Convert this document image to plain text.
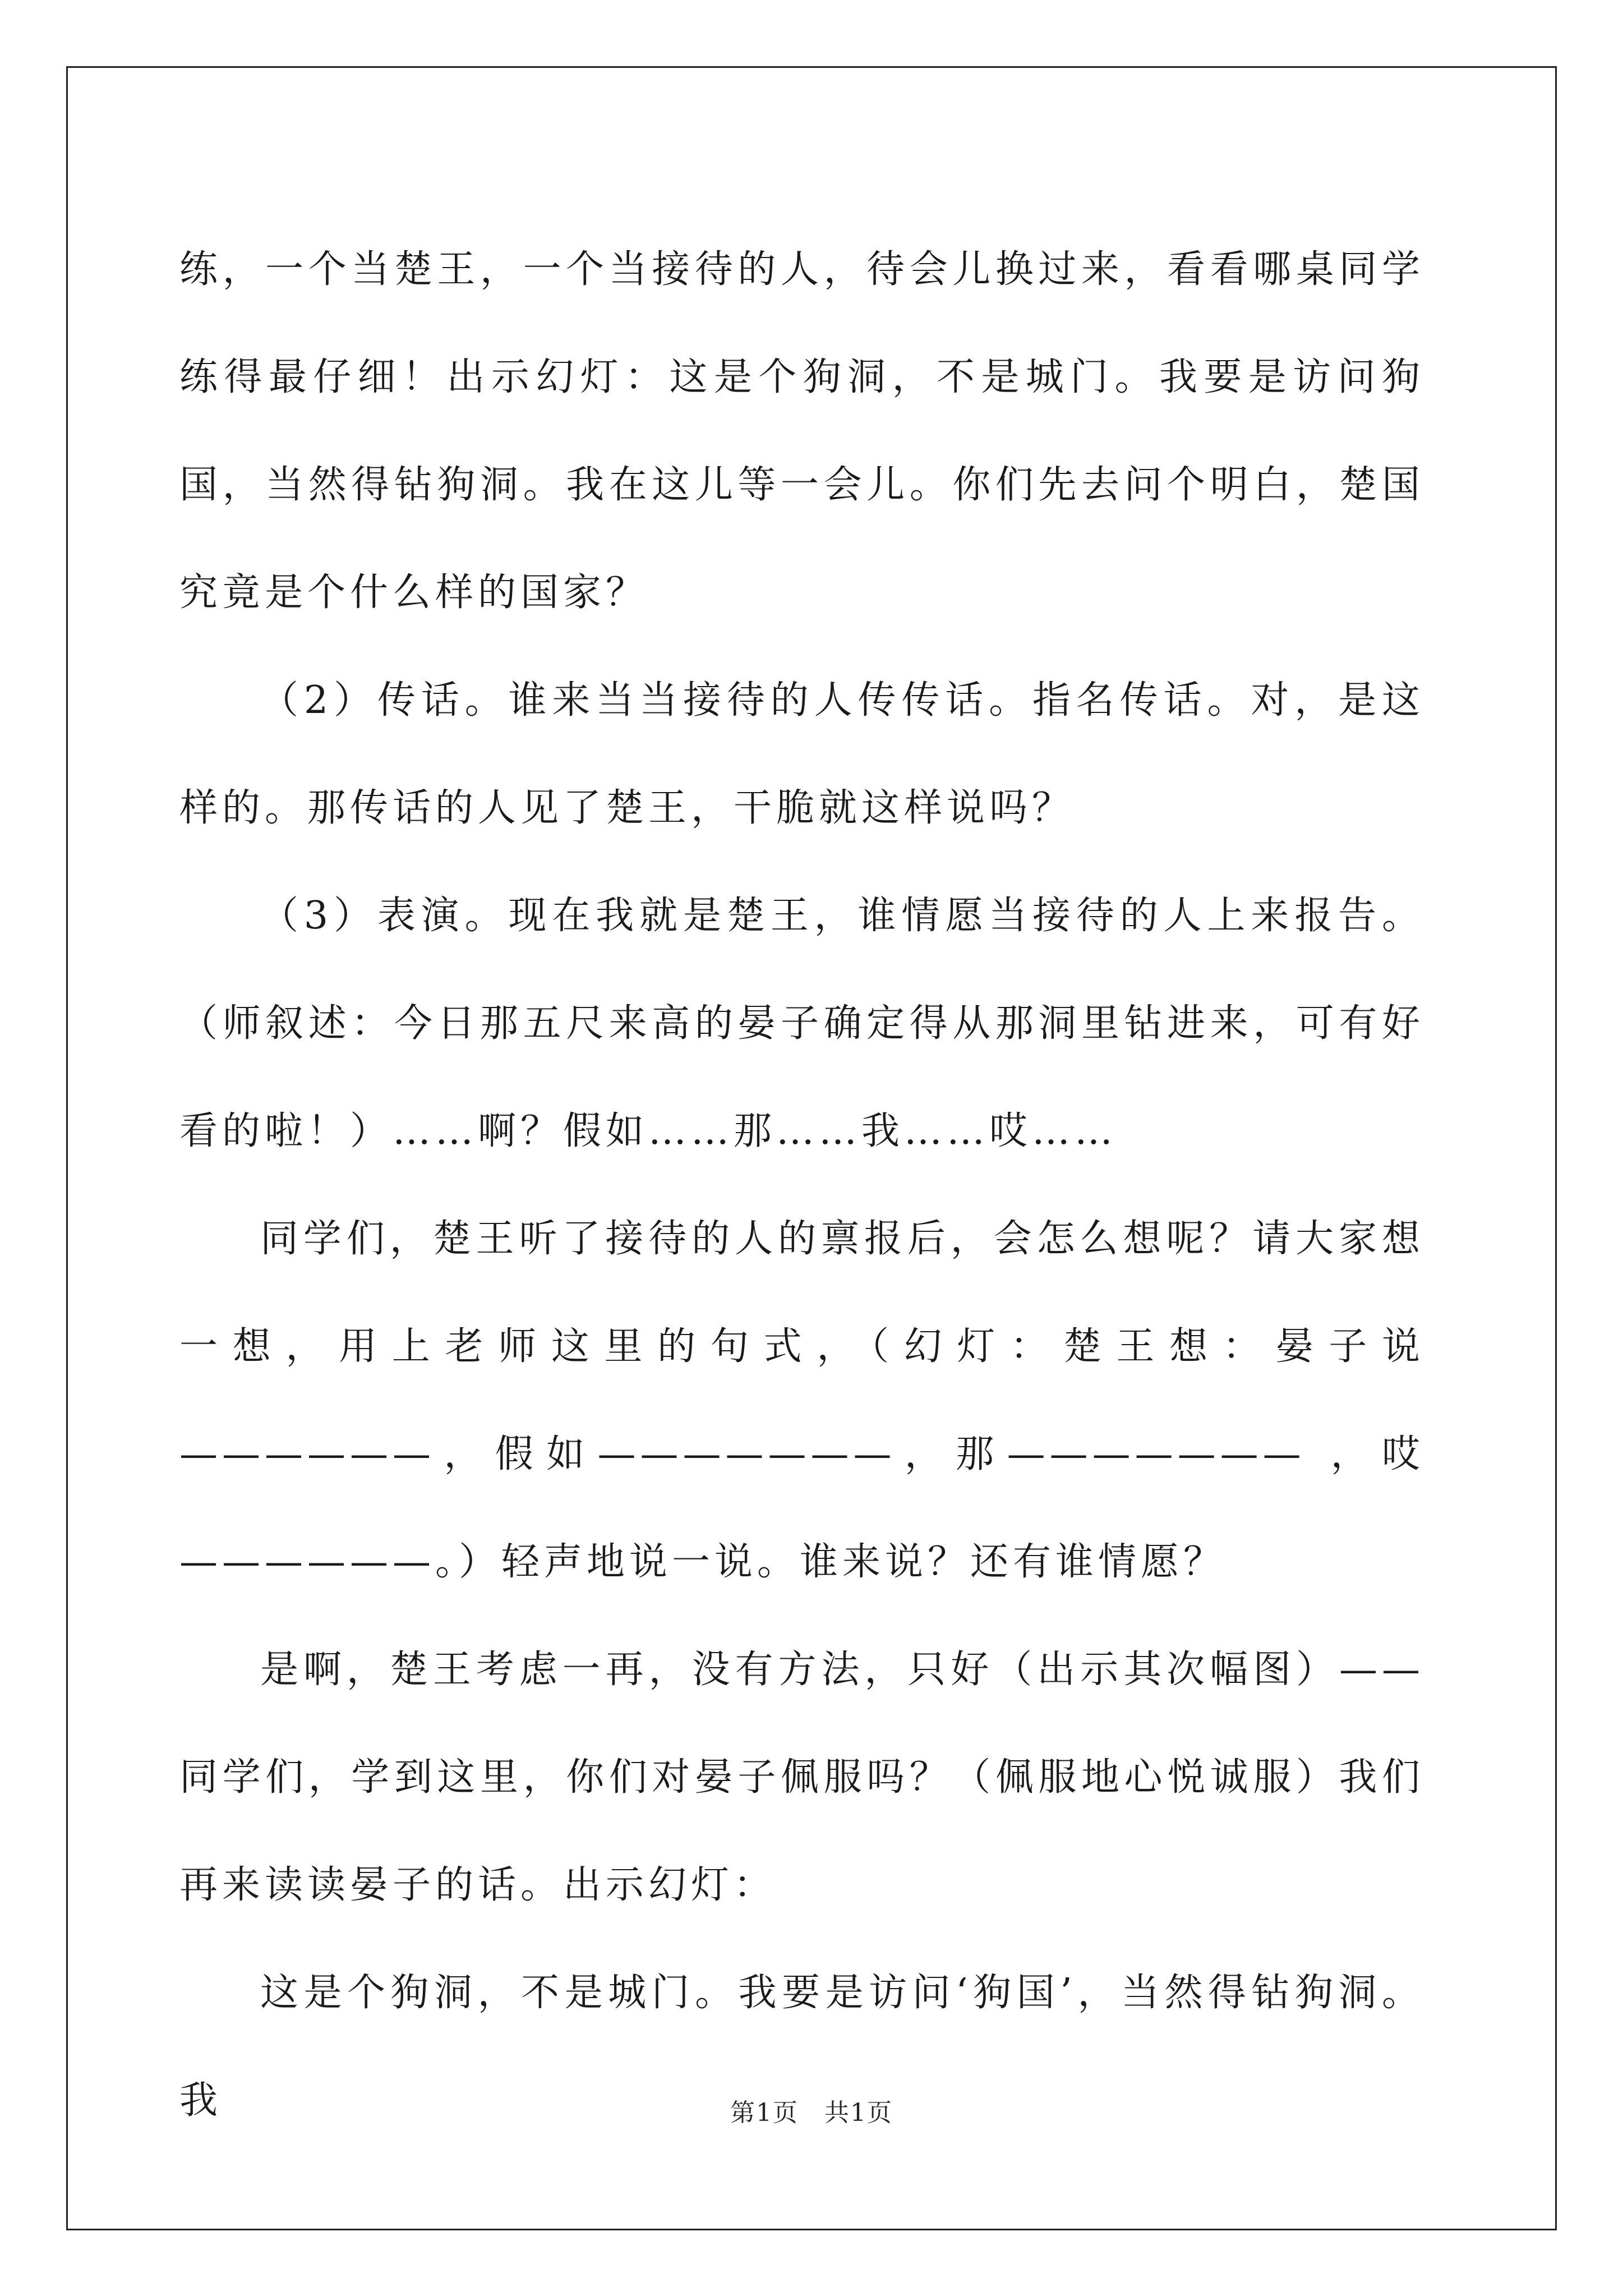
练，一个当楚王，一个当接待的人，待会儿换过来，看看哪桌同学练得最仔细！出示幻灯：这是个狗洞，不是城门。我要是访问狗国，当然得钻狗洞。我在这儿等一会儿。你们先去问个明白，楚国究竟是个什么样的国家？

（2）传话。谁来当当接待的人传传话。指名传话。对，是这样的。那传话的人见了楚王，干脆就这样说吗？

（3）表演。现在我就是楚王，谁情愿当接待的人上来报告。（师叙述：今日那五尺来高的晏子确定得从那洞里钻进来，可有好看的啦！）……啊？假如……那……我……哎……

同学们，楚王听了接待的人的禀报后，会怎么想呢？请大家想一想，用上老师这里的句式，（幻灯：楚王想：晏子说——————，假如———————，那——————— ，哎——————。）轻声地说一说。谁来说？还有谁情愿？

是啊，楚王考虑一再，没有方法，只好（出示其次幅图）——同学们，学到这里，你们对晏子佩服吗？（佩服地心悦诚服）我们再来读读晏子的话。出示幻灯：

这是个狗洞，不是城门。我要是访问‘狗国’，当然得钻狗洞。我	第1页　共1页
